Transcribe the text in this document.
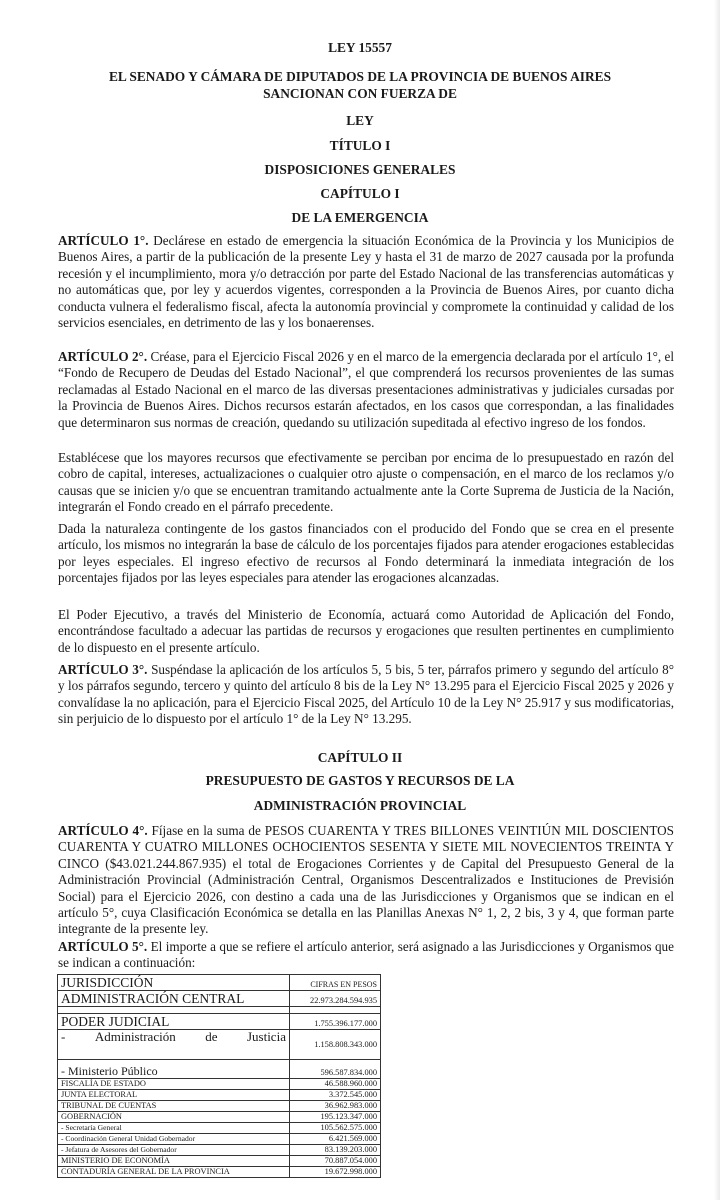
LEY 15557
EL SENADO Y CÁMARA DE DIPUTADOS DE LA PROVINCIA DE BUENOS AIRES
SANCIONAN CON FUERZA DE
LEY
TÍTULO I
DISPOSICIONES GENERALES
CAPÍTULO I
DE LA EMERGENCIA

ARTÍCULO 1°. Declárese en estado de emergencia la situación Económica de la Provincia y los Municipios de Buenos Aires, a partir de la publicación de la presente Ley y hasta el 31 de marzo de 2027 causada por la profunda recesión y el incumplimiento, mora y/o detracción por parte del Estado Nacional de las transferencias automáticas y no automáticas que, por ley y acuerdos vigentes, corresponden a la Provincia de Buenos Aires, por cuanto dicha conducta vulnera el federalismo fiscal, afecta la autonomía provincial y compromete la continuidad y calidad de los servicios esenciales, en detrimento de las y los bonaerenses.

ARTÍCULO 2°. Créase, para el Ejercicio Fiscal 2026 y en el marco de la emergencia declarada por el artículo 1°, el “Fondo de Recupero de Deudas del Estado Nacional”, el que comprenderá los recursos provenientes de las sumas reclamadas al Estado Nacional en el marco de las diversas presentaciones administrativas y judiciales cursadas por la Provincia de Buenos Aires. Dichos recursos estarán afectados, en los casos que correspondan, a las finalidades que determinaron sus normas de creación, quedando su utilización supeditada al efectivo ingreso de los fondos.

Establécese que los mayores recursos que efectivamente se perciban por encima de lo presupuestado en razón del cobro de capital, intereses, actualizaciones o cualquier otro ajuste o compensación, en el marco de los reclamos y/o causas que se inicien y/o que se encuentran tramitando actualmente ante la Corte Suprema de Justicia de la Nación, integrarán el Fondo creado en el párrafo precedente.

Dada la naturaleza contingente de los gastos financiados con el producido del Fondo que se crea en el presente artículo, los mismos no integrarán la base de cálculo de los porcentajes fijados para atender erogaciones establecidas por leyes especiales. El ingreso efectivo de recursos al Fondo determinará la inmediata integración de los porcentajes fijados por las leyes especiales para atender las erogaciones alcanzadas.

El Poder Ejecutivo, a través del Ministerio de Economía, actuará como Autoridad de Aplicación del Fondo, encontrándose facultado a adecuar las partidas de recursos y erogaciones que resulten pertinentes en cumplimiento de lo dispuesto en el presente artículo.

ARTÍCULO 3°. Suspéndase la aplicación de los artículos 5, 5 bis, 5 ter, párrafos primero y segundo del artículo 8° y los párrafos segundo, tercero y quinto del artículo 8 bis de la Ley N° 13.295 para el Ejercicio Fiscal 2025 y 2026 y convalídase la no aplicación, para el Ejercicio Fiscal 2025, del Artículo 10 de la Ley N° 25.917 y sus modificatorias, sin perjuicio de lo dispuesto por el artículo 1° de la Ley N° 13.295.

CAPÍTULO II
PRESUPUESTO DE GASTOS Y RECURSOS DE LA
ADMINISTRACIÓN PROVINCIAL

ARTÍCULO 4°. Fíjase en la suma de PESOS CUARENTA Y TRES BILLONES VEINTIÚN MIL DOSCIENTOS CUARENTA Y CUATRO MILLONES OCHOCIENTOS SESENTA Y SIETE MIL NOVECIENTOS TREINTA Y CINCO ($43.021.244.867.935) el total de Erogaciones Corrientes y de Capital del Presupuesto General de la Administración Provincial (Administración Central, Organismos Descentralizados e Instituciones de Previsión Social) para el Ejercicio 2026, con destino a cada una de las Jurisdicciones y Organismos que se indican en el artículo 5°, cuya Clasificación Económica se detalla en las Planillas Anexas N° 1, 2, 2 bis, 3 y 4, que forman parte integrante de la presente ley.

ARTÍCULO 5°. El importe a que se refiere el artículo anterior, será asignado a las Jurisdicciones y Organismos que se indican a continuación:

JURISDICCIÓN	CIFRAS EN PESOS
ADMINISTRACIÓN CENTRAL	22.973.284.594.935

PODER JUDICIAL	1.755.396.177.000

- Administración de Justicia	1.158.808.343.000
- Ministerio Público	596.587.834.000
FISCALÍA DE ESTADO	46.588.960.000
JUNTA ELECTORAL	3.372.545.000
TRIBUNAL DE CUENTAS	36.962.983.000
GOBERNACIÓN	195.123.347.000
- Secretaría General	105.562.575.000
- Coordinación General Unidad Gobernador	6.421.569.000
- Jefatura de Asesores del Gobernador	83.139.203.000
MINISTERIO DE ECONOMÍA	70.887.054.000
CONTADURÍA GENERAL DE LA PROVINCIA	19.672.998.000
